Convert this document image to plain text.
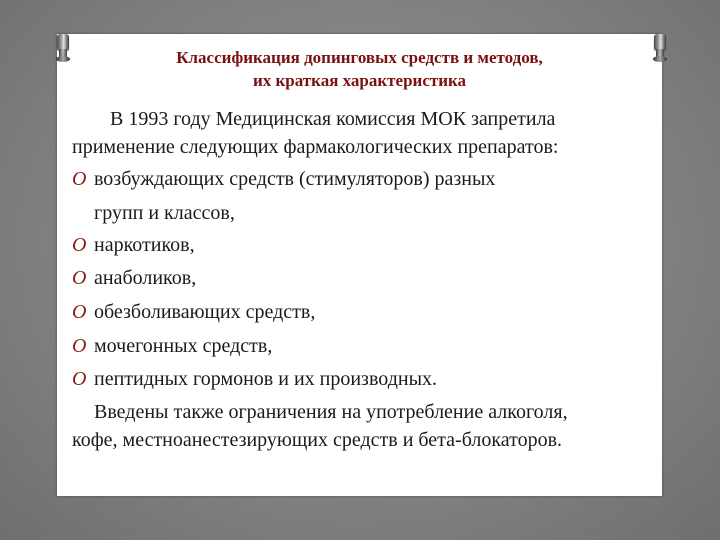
Классификация допинговых средств и методов,
их краткая характеристика
В 1993 году Медицинская комиссия МОК запретила
применение следующих фармакологических препаратов:
O возбуждающих средств (стимуляторов) разных
групп и классов,
O наркотиков,
O анаболиков,
O обезболивающих средств,
O мочегонных средств,
O пептидных гормонов и их производных.
Введены также ограничения на употребление алкоголя,
кофе, местноанестезирующих средств и бета-блокаторов.
